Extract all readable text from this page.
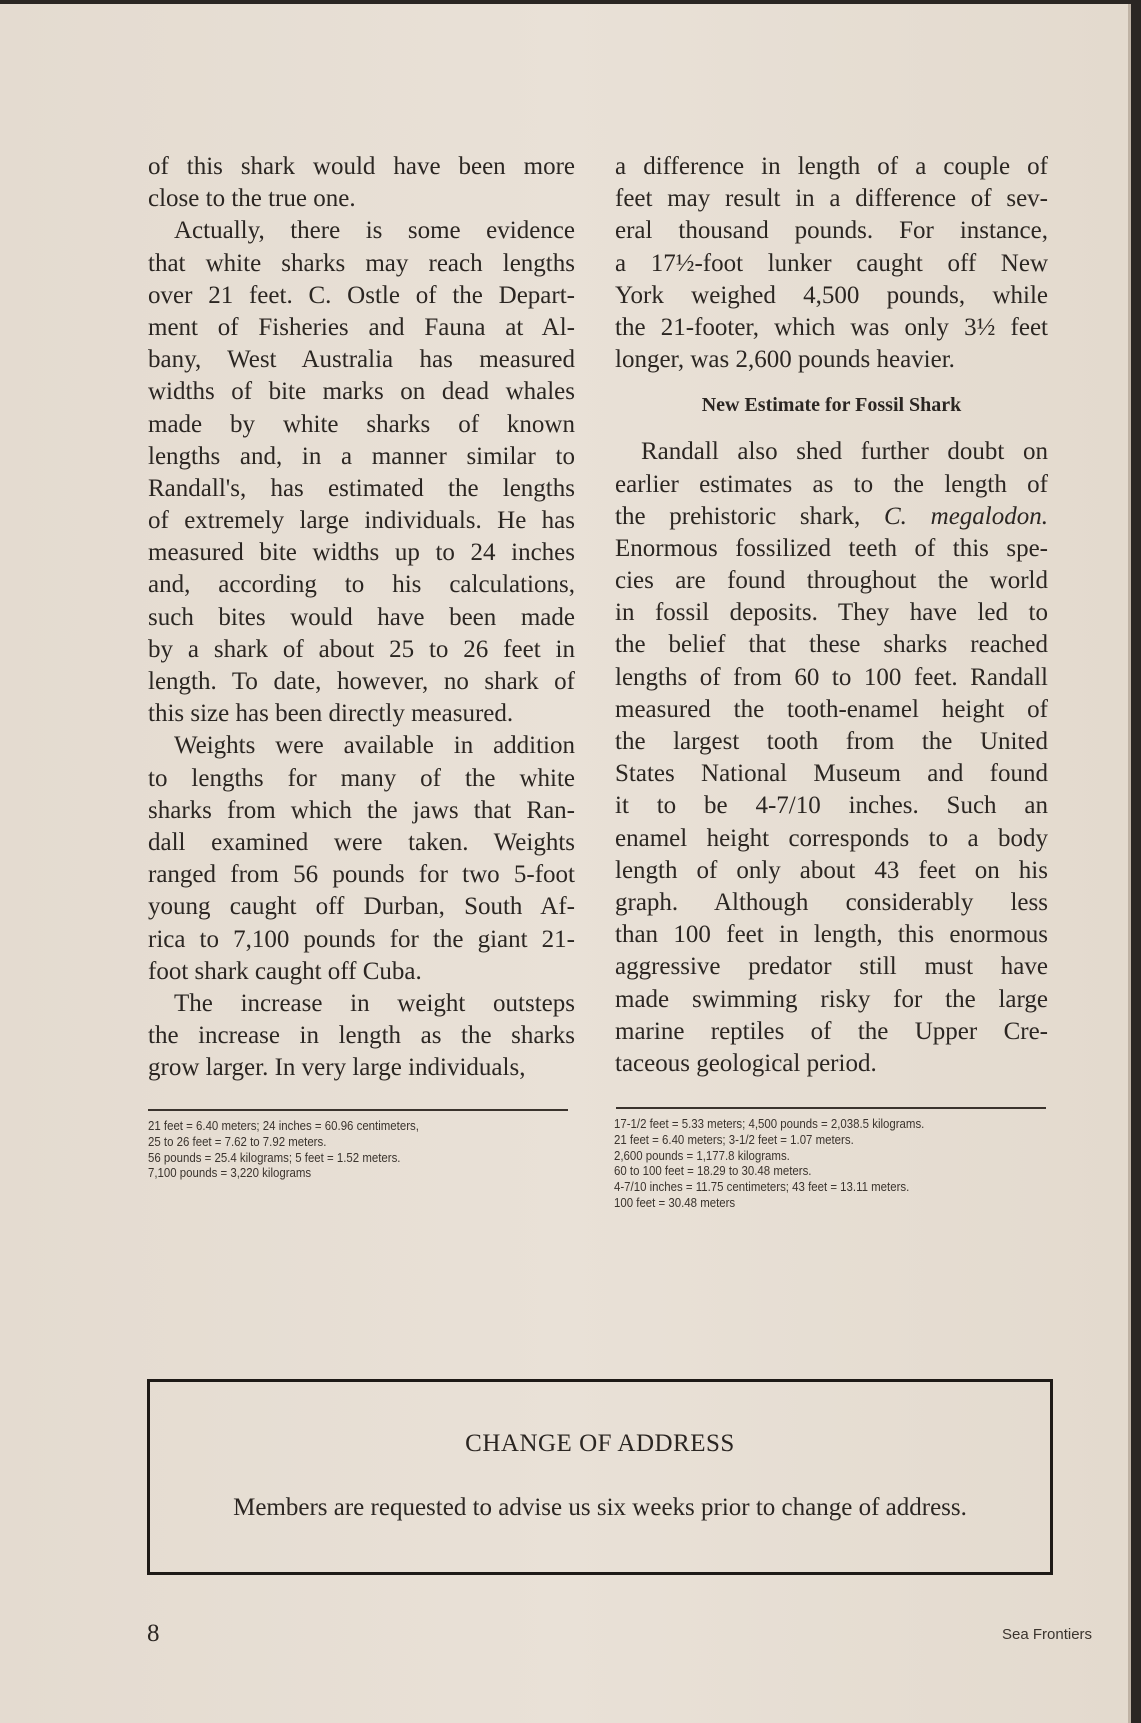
of this shark would have been more
close to the true one.
Actually, there is some evidence
that white sharks may reach lengths
over 21 feet. C. Ostle of the Depart-
ment of Fisheries and Fauna at Al-
bany, West Australia has measured
widths of bite marks on dead whales
made by white sharks of known
lengths and, in a manner similar to
Randall's, has estimated the lengths
of extremely large individuals. He has
measured bite widths up to 24 inches
and, according to his calculations,
such bites would have been made
by a shark of about 25 to 26 feet in
length. To date, however, no shark of
this size has been directly measured.
Weights were available in addition
to lengths for many of the white
sharks from which the jaws that Ran-
dall examined were taken. Weights
ranged from 56 pounds for two 5-foot
young caught off Durban, South Af-
rica to 7,100 pounds for the giant 21-
foot shark caught off Cuba.
The increase in weight outsteps
the increase in length as the sharks
grow larger. In very large individuals,
a difference in length of a couple of
feet may result in a difference of sev-
eral thousand pounds. For instance,
a 17½-foot lunker caught off New
York weighed 4,500 pounds, while
the 21-footer, which was only 3½ feet
longer, was 2,600 pounds heavier.
New Estimate for Fossil Shark
Randall also shed further doubt on
earlier estimates as to the length of
the prehistoric shark, C. megalodon.
Enormous fossilized teeth of this spe-
cies are found throughout the world
in fossil deposits. They have led to
the belief that these sharks reached
lengths of from 60 to 100 feet. Randall
measured the tooth-enamel height of
the largest tooth from the United
States National Museum and found
it to be 4-7/10 inches. Such an
enamel height corresponds to a body
length of only about 43 feet on his
graph. Although considerably less
than 100 feet in length, this enormous
aggressive predator still must have
made swimming risky for the large
marine reptiles of the Upper Cre-
taceous geological period.
21 feet = 6.40 meters; 24 inches = 60.96 centimeters,
25 to 26 feet = 7.62 to 7.92 meters.
56 pounds = 25.4 kilograms; 5 feet = 1.52 meters.
7,100 pounds = 3,220 kilograms
17-1/2 feet = 5.33 meters; 4,500 pounds = 2,038.5 kilograms.
21 feet = 6.40 meters; 3-1/2 feet = 1.07 meters.
2,600 pounds = 1,177.8 kilograms.
60 to 100 feet = 18.29 to 30.48 meters.
4-7/10 inches = 11.75 centimeters; 43 feet = 13.11 meters.
100 feet = 30.48 meters
CHANGE OF ADDRESS
Members are requested to advise us six weeks prior to change of address.
8	Sea Frontiers
